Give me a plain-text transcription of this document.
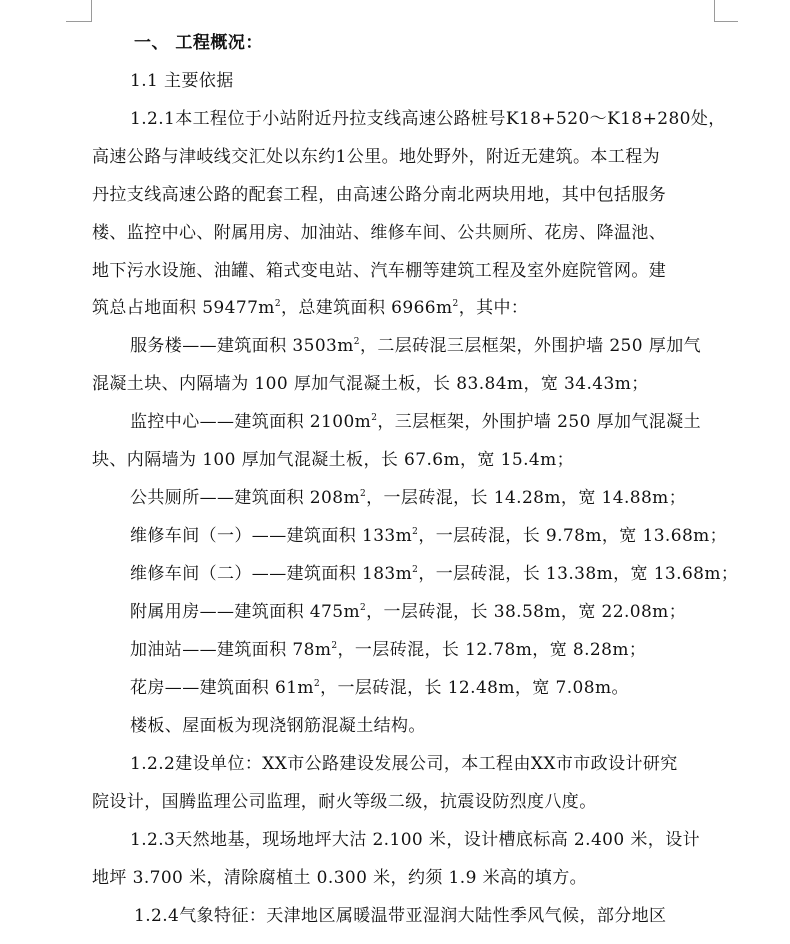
一、 工程概况：
1.1 主要依据
1.2.1本工程位于小站附近丹拉支线高速公路桩号K18+520～K18+280处，
高速公路与津岐线交汇处以东约1公里。地处野外，附近无建筑。本工程为
丹拉支线高速公路的配套工程，由高速公路分南北两块用地，其中包括服务
楼、监控中心、附属用房、加油站、维修车间、公共厕所、花房、降温池、
地下污水设施、油罐、箱式变电站、汽车棚等建筑工程及室外庭院管网。建
筑总占地面积 $59477m^2$，总建筑面积 $6966m^2$，其中：
服务楼——建筑面积 $3503m^2$，二层砖混三层框架，外围护墙 250 厚加气
混凝土块、内隔墙为 100 厚加气混凝土板，长 83.84m，宽 34.43m；
监控中心——建筑面积 $2100m^2$，三层框架，外围护墙 250 厚加气混凝土
块、内隔墙为 100 厚加气混凝土板，长 67.6m，宽 15.4m；
公共厕所——建筑面积 $208m^2$，一层砖混，长 14.28m，宽 14.88m；
维修车间（一）——建筑面积 $133m^2$，一层砖混，长 9.78m，宽 13.68m；
维修车间（二）——建筑面积 $183m^2$，一层砖混，长 13.38m，宽 13.68m；
附属用房——建筑面积 $475m^2$，一层砖混，长 38.58m，宽 22.08m；
加油站——建筑面积 $78m^2$，一层砖混，长 12.78m，宽 8.28m；
花房——建筑面积 $61m^2$，一层砖混，长 12.48m，宽 7.08m。
楼板、屋面板为现浇钢筋混凝土结构。
1.2.2建设单位：XX市公路建设发展公司，本工程由XX市市政设计研究
院设计，国腾监理公司监理，耐火等级二级，抗震设防烈度八度。
1.2.3天然地基，现场地坪大沽 2.100 米，设计槽底标高 2.400 米，设计
地坪 3.700 米，清除腐植土 0.300 米，约须 1.9 米高的填方。
1.2.4气象特征：天津地区属暖温带亚湿润大陆性季风气候，部分地区
